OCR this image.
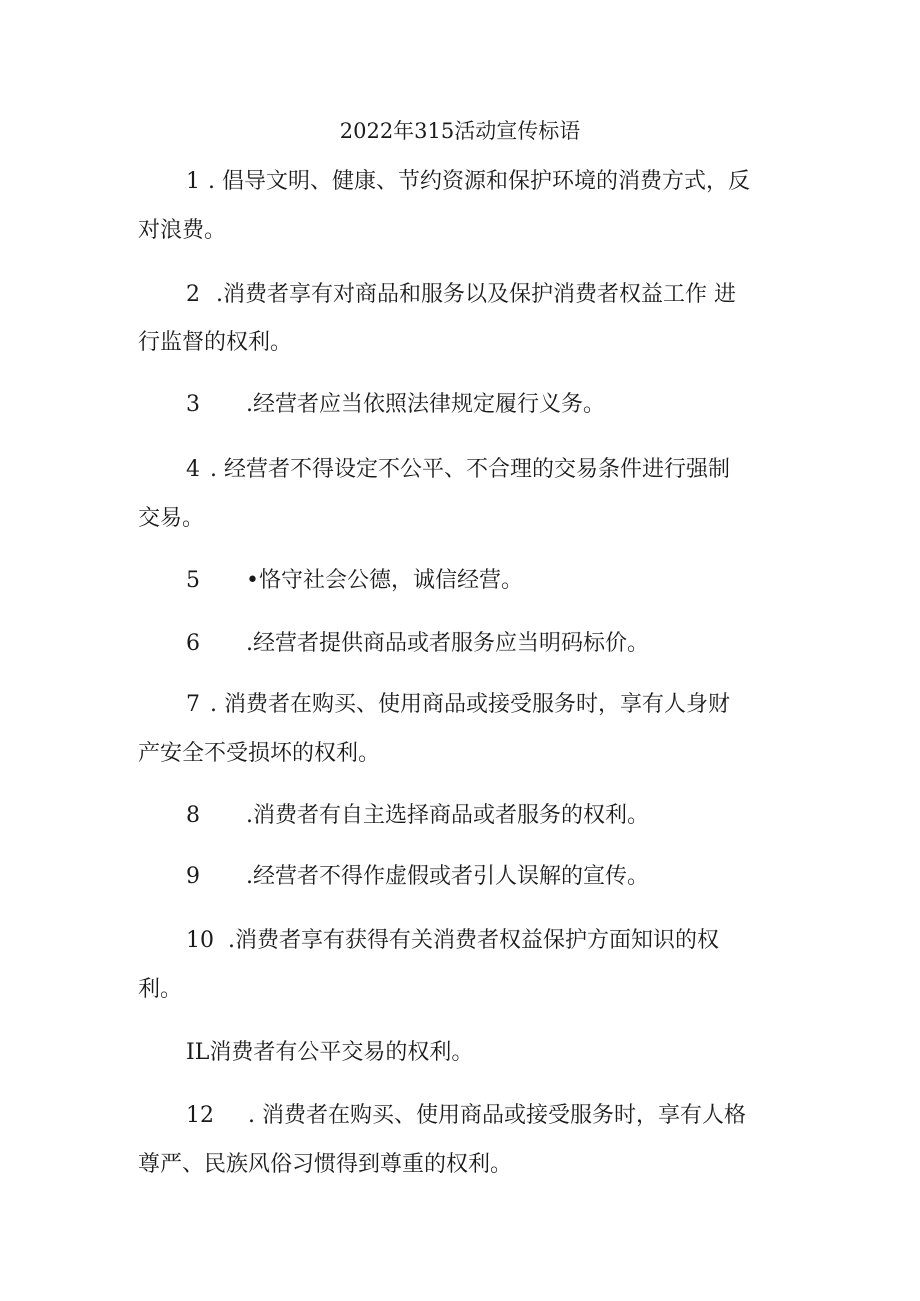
2022年315活动宣传标语
1 . 倡导文明、健康、节约资源和保护环境的消费方式，反
对浪费。
2 .消费者享有对商品和服务以及保护消费者权益工作 进
行监督的权利。
3 .经营者应当依照法律规定履行义务。
4 . 经营者不得设定不公平、不合理的交易条件进行强制
交易。
5 •恪守社会公德，诚信经营。
6 .经营者提供商品或者服务应当明码标价。
7 . 消费者在购买、使用商品或接受服务时，享有人身财
产安全不受损坏的权利。
8 .消费者有自主选择商品或者服务的权利。
9 .经营者不得作虚假或者引人误解的宣传。
10 .消费者享有获得有关消费者权益保护方面知识的权
利。
IL消费者有公平交易的权利。
12 . 消费者在购买、使用商品或接受服务时，享有人格
尊严、民族风俗习惯得到尊重的权利。
